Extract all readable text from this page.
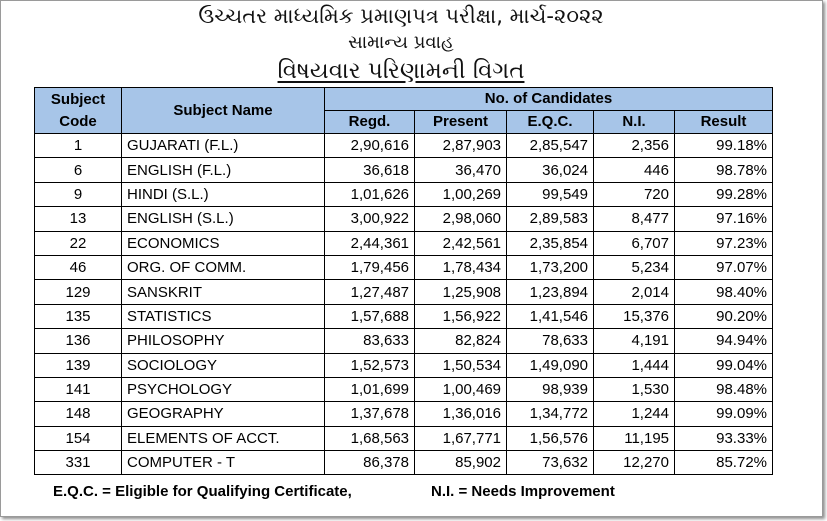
ઉચ્ચતર માધ્યમિક પ્રમાણપત્ર પરીક્ષા, માર્ચ-૨૦૨૨
સામાન્ય પ્રવાહ
વિષયવાર પરિણામની વિગત
Subject
Code	Subject Name	No. of Candidates				
		Regd.	Present	E.Q.C.	N.I.	Result
1	GUJARATI (F.L.)	2,90,616	2,87,903	2,85,547	2,356	99.18%
6	ENGLISH (F.L.)	36,618	36,470	36,024	446	98.78%
9	HINDI (S.L.)	1,01,626	1,00,269	99,549	720	99.28%
13	ENGLISH (S.L.)	3,00,922	2,98,060	2,89,583	8,477	97.16%
22	ECONOMICS	2,44,361	2,42,561	2,35,854	6,707	97.23%
46	ORG. OF COMM.	1,79,456	1,78,434	1,73,200	5,234	97.07%
129	SANSKRIT	1,27,487	1,25,908	1,23,894	2,014	98.40%
135	STATISTICS	1,57,688	1,56,922	1,41,546	15,376	90.20%
136	PHILOSOPHY	83,633	82,824	78,633	4,191	94.94%
139	SOCIOLOGY	1,52,573	1,50,534	1,49,090	1,444	99.04%
141	PSYCHOLOGY	1,01,699	1,00,469	98,939	1,530	98.48%
148	GEOGRAPHY	1,37,678	1,36,016	1,34,772	1,244	99.09%
154	ELEMENTS OF ACCT.	1,68,563	1,67,771	1,56,576	11,195	93.33%
331	COMPUTER - T	86,378	85,902	73,632	12,270	85.72%
E.Q.C. = Eligible for Qualifying Certificate,	N.I. = Needs Improvement
